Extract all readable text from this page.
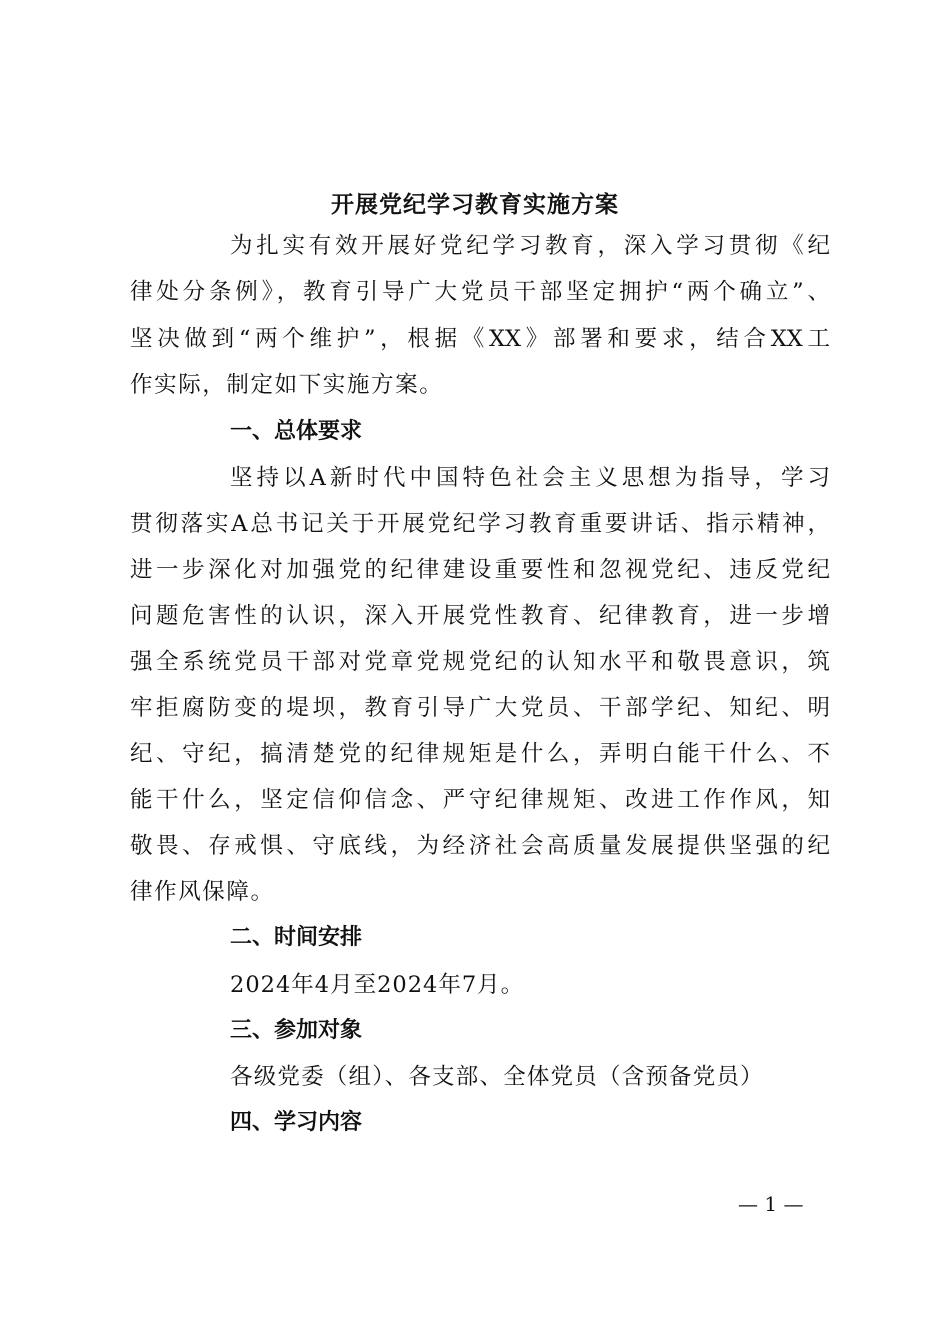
开展党纪学习教育实施方案
为扎实有效开展好党纪学习教育，深入学习贯彻《纪
律处分条例》，教育引导广大党员干部坚定拥护“两个确立”、
坚决做到“两个维护”，根据《XX》部署和要求，结合XX工
作实际，制定如下实施方案。
一、总体要求
坚持以A新时代中国特色社会主义思想为指导，学习
贯彻落实A总书记关于开展党纪学习教育重要讲话、指示精神，
进一步深化对加强党的纪律建设重要性和忽视党纪、违反党纪
问题危害性的认识，深入开展党性教育、纪律教育，进一步增
强全系统党员干部对党章党规党纪的认知水平和敬畏意识，筑
牢拒腐防变的堤坝，教育引导广大党员、干部学纪、知纪、明
纪、守纪，搞清楚党的纪律规矩是什么，弄明白能干什么、不
能干什么，坚定信仰信念、严守纪律规矩、改进工作作风，知
敬畏、存戒惧、守底线，为经济社会高质量发展提供坚强的纪
律作风保障。
二、时间安排
2024年4月至2024年7月。
三、参加对象
各级党委（组）、各支部、全体党员（含预备党员）
四、学习内容
— 1 —
